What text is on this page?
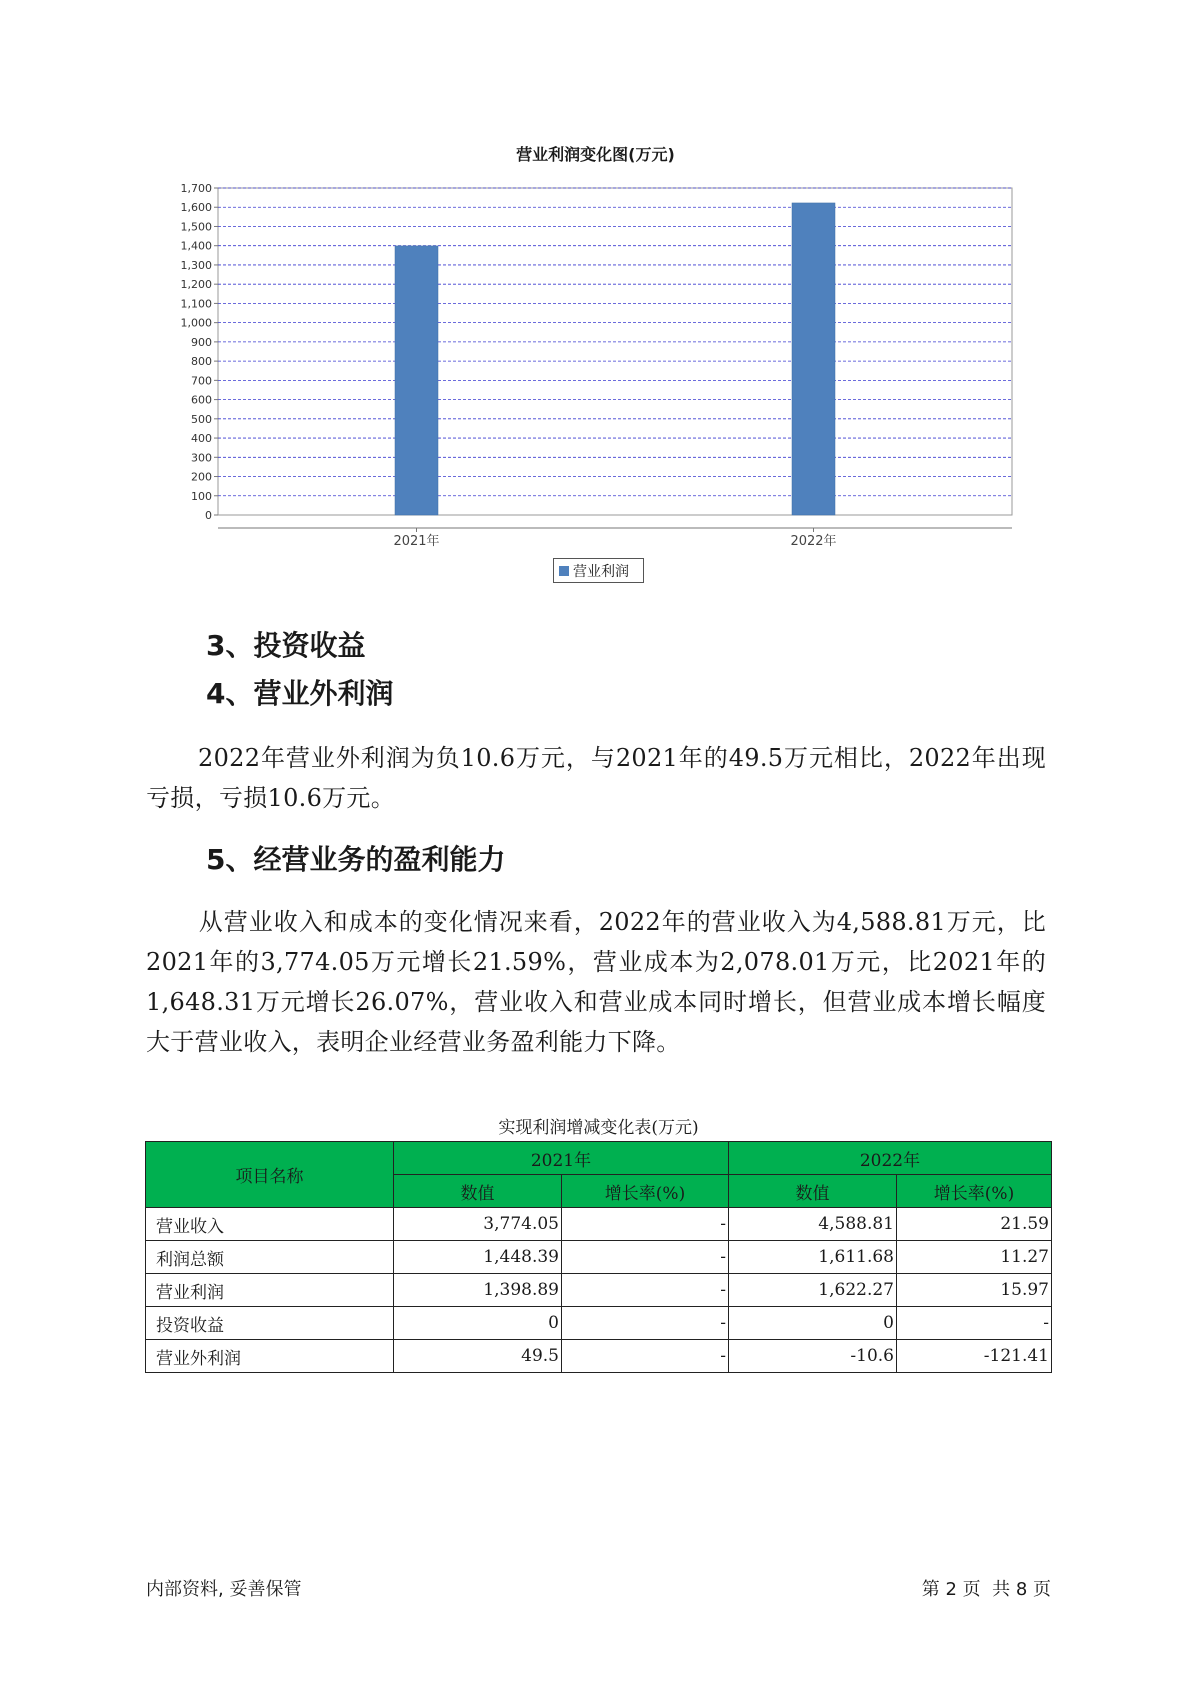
营业利润变化图(万元)
0
100
200
300
400
500
600
700
800
900
1,000
1,100
1,200
1,300
1,400
1,500
1,600
1,700
2021年	2022年
营业利润
3、投资收益
4、营业外利润
2022年营业外利润为负10.6万元，与2021年的49.5万元相比，2022年出现亏损，亏损10.6万元。
5、经营业务的盈利能力
从营业收入和成本的变化情况来看，2022年的营业收入为4,588.81万元，比2021年的3,774.05万元增长21.59%，营业成本为2,078.01万元，比2021年的1,648.31万元增长26.07%，营业收入和营业成本同时增长，但营业成本增长幅度大于营业收入，表明企业经营业务盈利能力下降。
实现利润增减变化表(万元)
项目名称	2021年		2022年	
	数值	增长率(%)	数值	增长率(%)
营业收入	3,774.05	-	4,588.81	21.59
利润总额	1,448.39	-	1,611.68	11.27
营业利润	1,398.89	-	1,622.27	15.97
投资收益	0	-	0	-
营业外利润	49.5	-	-10.6	-121.41
内部资料, 妥善保管	第 2 页  共 8 页
